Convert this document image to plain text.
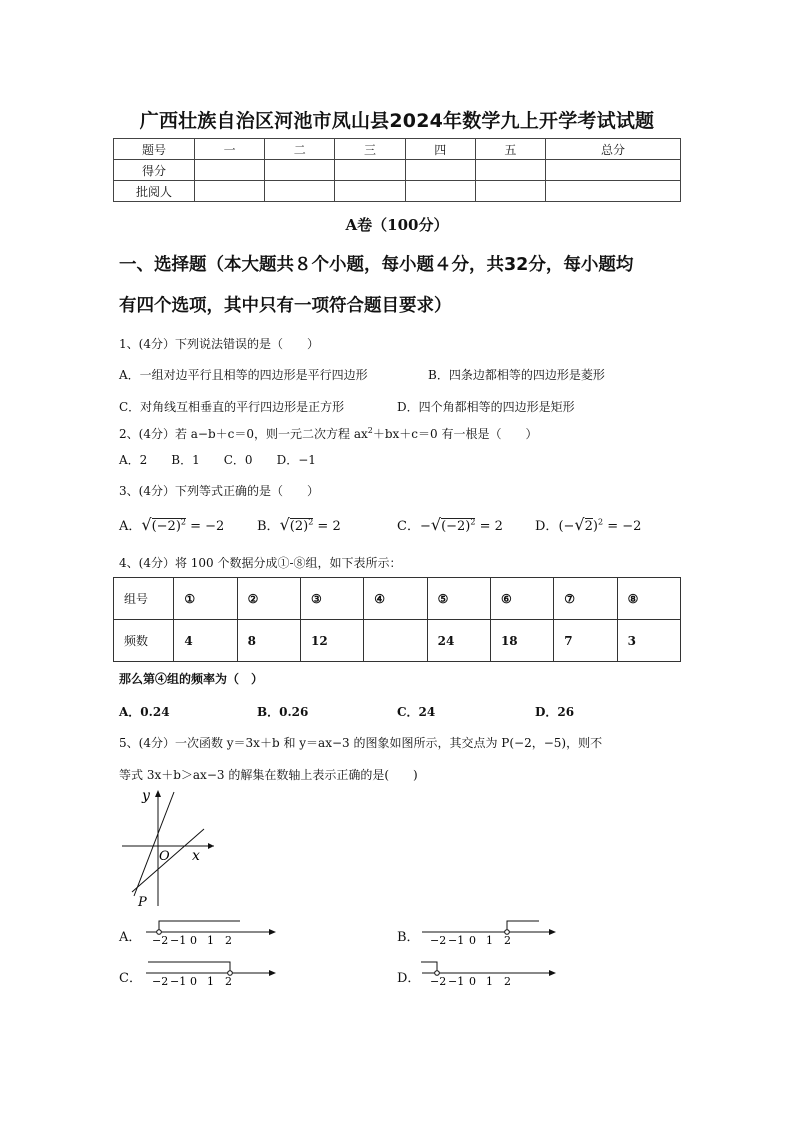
广西壮族自治区河池市凤山县2024年数学九上开学考试试题
题号	一	二	三	四	五	总分
得分						
批阅人						
A卷（100分）
一、选择题（本大题共８个小题，每小题４分，共32分，每小题均
有四个选项，其中只有一项符合题目要求）
1、(4分）下列说法错误的是（　　）
A．一组对边平行且相等的四边形是平行四边形	B．四条边都相等的四边形是菱形
C．对角线互相垂直的平行四边形是正方形	D．四个角都相等的四边形是矩形
2、(4分）若 a−b＋c＝0，则一元二次方程 $ax^2+bx+c=0$ 有一根是（　　）
A．2　　B．1　　C．0　　D．−1
3、(4分）下列等式正确的是（　　）
A．$√(-2)^2 = -2$	B．$√(2)^2 = 2$	C．$-√(-2)^2 = 2$ D．$(-√2)^2 = -2$
4、(4分）将 100 个数据分成①-⑧组，如下表所示：
组号	①	②	③	④	⑤	⑥	⑦	⑧
频数	4	8	12		24	18	7	3
那么第④组的频率为（　）
A．0.24	B．0.26	C．24	D．26
5、(4分）一次函数 y＝3x＋b 和 y＝ax−3 的图象如图所示，其交点为 P(−2，−5)，则不
等式 3x＋b＞ax−3 的解集在数轴上表示正确的是(　　)
y
x
O
P
A． −2 −1 0 1 2	B． −2 −1 0 1 2
C． −2 −1 0 1 2	D． −2 −1 0 1 2
